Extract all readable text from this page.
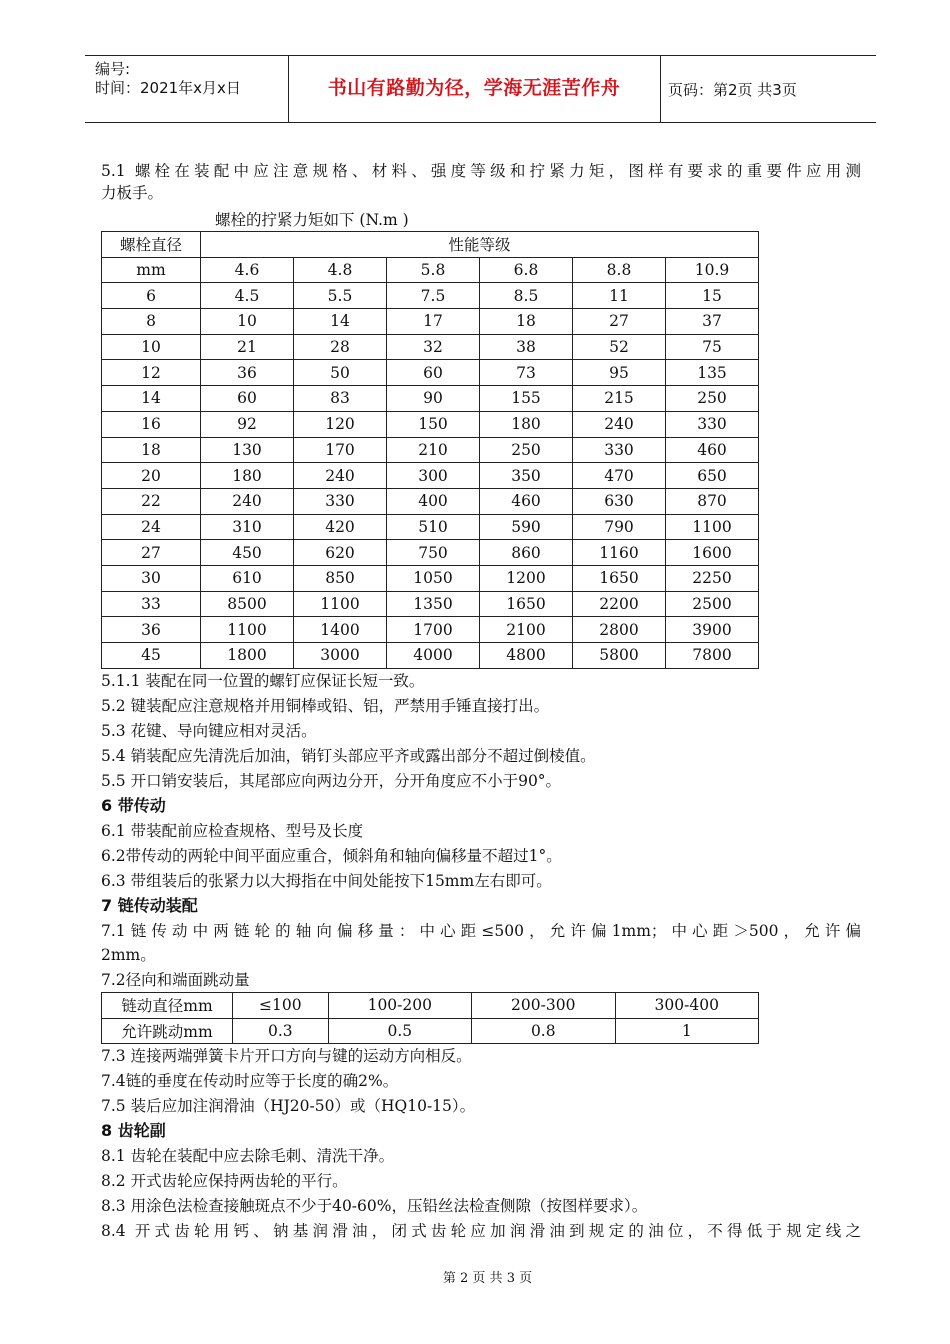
编号:
时间：2021年x月x日	书山有路勤为径，学海无涯苦作舟	页码：第2页 共3页
5.1 螺栓在装配中应注意规格、材料、强度等级和拧紧力矩，图样有要求的重要件应用测
力板手。
螺栓的拧紧力矩如下 (N.m )
螺栓直径	性能等级					
mm	4.6	4.8	5.8	6.8	8.8	10.9
6	4.5	5.5	7.5	8.5	11	15
8	10	14	17	18	27	37
10	21	28	32	38	52	75
12	36	50	60	73	95	135
14	60	83	90	155	215	250
16	92	120	150	180	240	330
18	130	170	210	250	330	460
20	180	240	300	350	470	650
22	240	330	400	460	630	870
24	310	420	510	590	790	1100
27	450	620	750	860	1160	1600
30	610	850	1050	1200	1650	2250
33	8500	1100	1350	1650	2200	2500
36	1100	1400	1700	2100	2800	3900
45	1800	3000	4000	4800	5800	7800
5.1.1 装配在同一位置的螺钉应保证长短一致。
5.2 键装配应注意规格并用铜棒或铅、铝，严禁用手锤直接打出。
5.3 花键、导向键应相对灵活。
5.4 销装配应先清洗后加油，销钉头部应平齐或露出部分不超过倒棱值。
5.5 开口销安装后，其尾部应向两边分开，分开角度应不小于90°。
6 带传动
6.1 带装配前应检查规格、型号及长度
6.2带传动的两轮中间平面应重合，倾斜角和轴向偏移量不超过1°。
6.3 带组装后的张紧力以大拇指在中间处能按下15mm左右即可。
7 链传动装配
7.1链传动中两链轮的轴向偏移量：中心距≤500，允许偏1mm；中心距＞500，允许偏
2mm。
7.2径向和端面跳动量
链动直径mm	≤100	100-200	200-300	300-400
允许跳动mm	0.3	0.5	0.8	1
7.3 连接两端弹簧卡片开口方向与键的运动方向相反。
7.4链的垂度在传动时应等于长度的确2%。
7.5 装后应加注润滑油（HJ20-50）或（HQ10-15）。
8 齿轮副
8.1 齿轮在装配中应去除毛刺、清洗干净。
8.2 开式齿轮应保持两齿轮的平行。
8.3 用涂色法检查接触斑点不少于40-60%，压铅丝法检查侧隙（按图样要求）。
8.4 开式齿轮用钙、钠基润滑油，闭式齿轮应加润滑油到规定的油位，不得低于规定线之
第 2 页 共 3 页
